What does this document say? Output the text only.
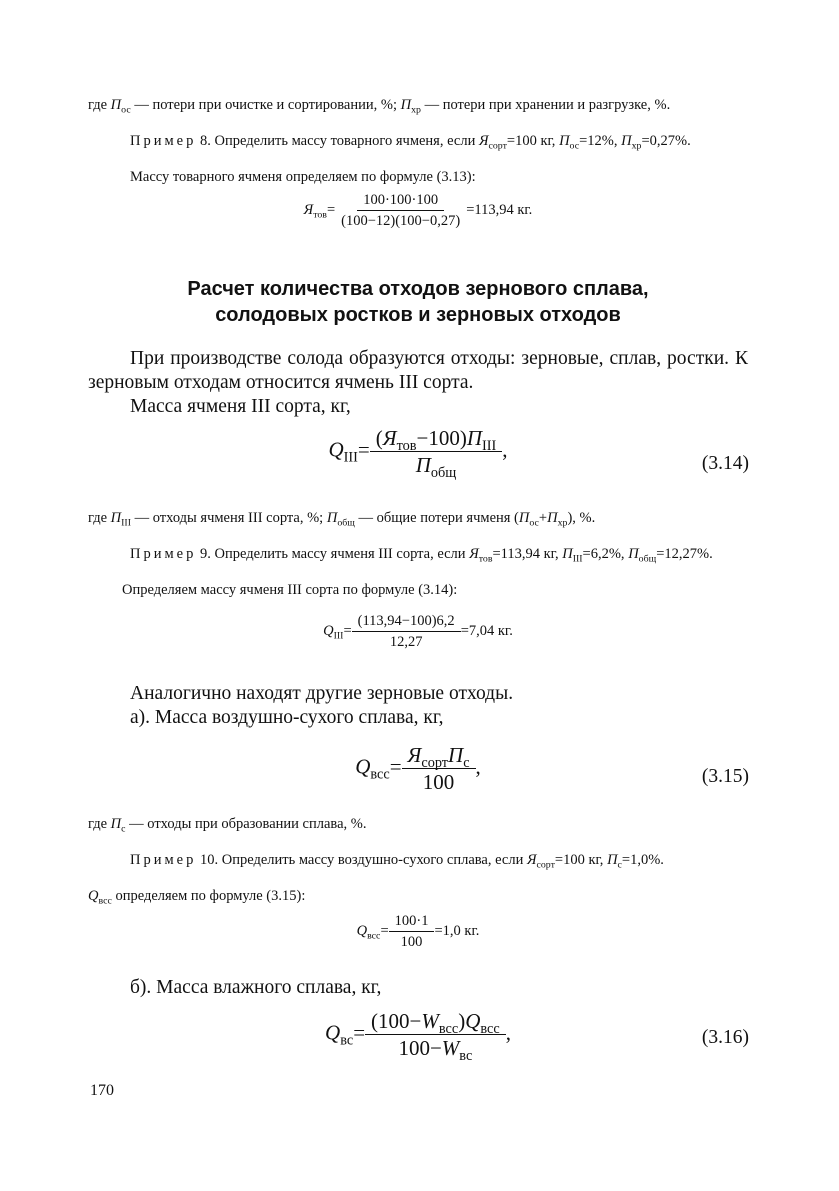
где $П_{ос}$ — потери при очистке и сортировании, %; $П_{хр}$ — потери при хранении и разгрузке, %.
Пример 8. Определить массу товарного ячменя, если $Я_{сорт}=100$ кг, $П_{ос}=12\%$, $П_{хр}=0,27\%$.
Массу товарного ячменя определяем по формуле (3.13):
$Я_{тов}= \frac{100\cdot 100\cdot 100}{(100-12)(100-0,27)} =113,94$ кг.
Расчет количества отходов зернового сплава,
солодовых ростков и зерновых отходов
При производстве солода образуются отходы: зерновые, сплав, ростки. К зерновым отходам относится ячмень III сорта.
Масса ячменя III сорта, кг,
$Q_{III}= \frac{(Я_{тов}-100)П_{III}}{П_{общ}}$ ,
(3.14)
где $П_{III}$ — отходы ячменя III сорта, %; $П_{общ}$ — общие потери ячменя $(П_{ос}+П_{хр})$, %.
Пример 9. Определить массу ячменя III сорта, если $Я_{тов}=113,94$ кг, $П_{III}=6,2\%$, $П_{общ}=12,27\%$.
Определяем массу ячменя III сорта по формуле (3.14):
$Q_{III}= \frac{(113,94-100)6,2}{12,27} =7,04$ кг.
Аналогично находят другие зерновые отходы.
а). Масса воздушно-сухого сплава, кг,
$Q_{всс}= \frac{Я_{сорт}П_с}{100}$ ,	(3.15)
где $П_с$ — отходы при образовании сплава, %.
Пример 10. Определить массу воздушно-сухого сплава, если $Я_{сорт}=100$ кг, $П_с=1,0\%$.
$Q_{всс}$ определяем по формуле (3.15):
$Q_{всс}= \frac{100\cdot 1}{100} =1,0$ кг.
б). Масса влажного сплава, кг,
$Q_{вс}= \frac{(100-W_{всс})Q_{всс}}{100-W_{вс}}$ ,	(3.16)
170
